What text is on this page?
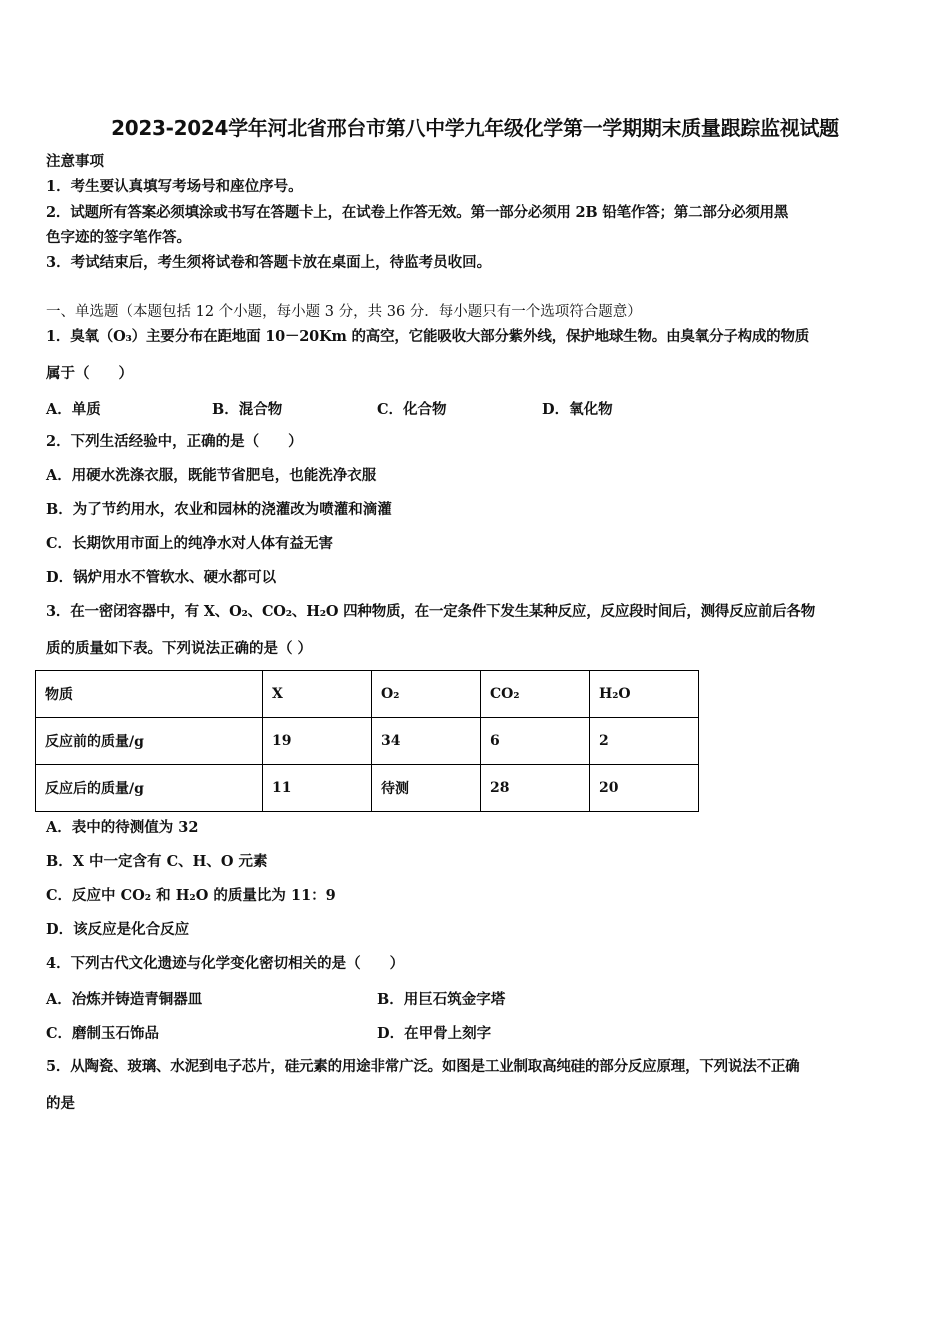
2023-2024学年河北省邢台市第八中学九年级化学第一学期期末质量跟踪监视试题
注意事项
1．考生要认真填写考场号和座位序号。
2．试题所有答案必须填涂或书写在答题卡上，在试卷上作答无效。第一部分必须用 2B 铅笔作答；第二部分必须用黑
色字迹的签字笔作答。
3．考试结束后，考生须将试卷和答题卡放在桌面上，待监考员收回。
一、单选题（本题包括 12 个小题，每小题 3 分，共 36 分．每小题只有一个选项符合题意）
1．臭氧（O₃）主要分布在距地面 10－20Km 的高空，它能吸收大部分紫外线，保护地球生物。由臭氧分子构成的物质
属于（　　）
A．单质	B．混合物	C．化合物	D．氧化物
2．下列生活经验中，正确的是（　　）
A．用硬水洗涤衣服，既能节省肥皂，也能洗净衣服
B．为了节约用水，农业和园林的浇灌改为喷灌和滴灌
C．长期饮用市面上的纯净水对人体有益无害
D．锅炉用水不管软水、硬水都可以
3．在一密闭容器中，有 X、O₂、CO₂、H₂O 四种物质，在一定条件下发生某种反应，反应段时间后，测得反应前后各物
质的质量如下表。下列说法正确的是（ ）
物质	X	O₂	CO₂	H₂O
反应前的质量/g	19	34	6	2
反应后的质量/g	11	待测	28	20
A．表中的待测值为 32
B．X 中一定含有 C、H、O 元素
C．反应中 CO₂ 和 H₂O 的质量比为 11：9
D．该反应是化合反应
4．下列古代文化遗迹与化学变化密切相关的是（　　）
A．冶炼并铸造青铜器皿	B．用巨石筑金字塔
C．磨制玉石饰品	D．在甲骨上刻字
5．从陶瓷、玻璃、水泥到电子芯片，硅元素的用途非常广泛。如图是工业制取高纯硅的部分反应原理，下列说法不正确
的是
